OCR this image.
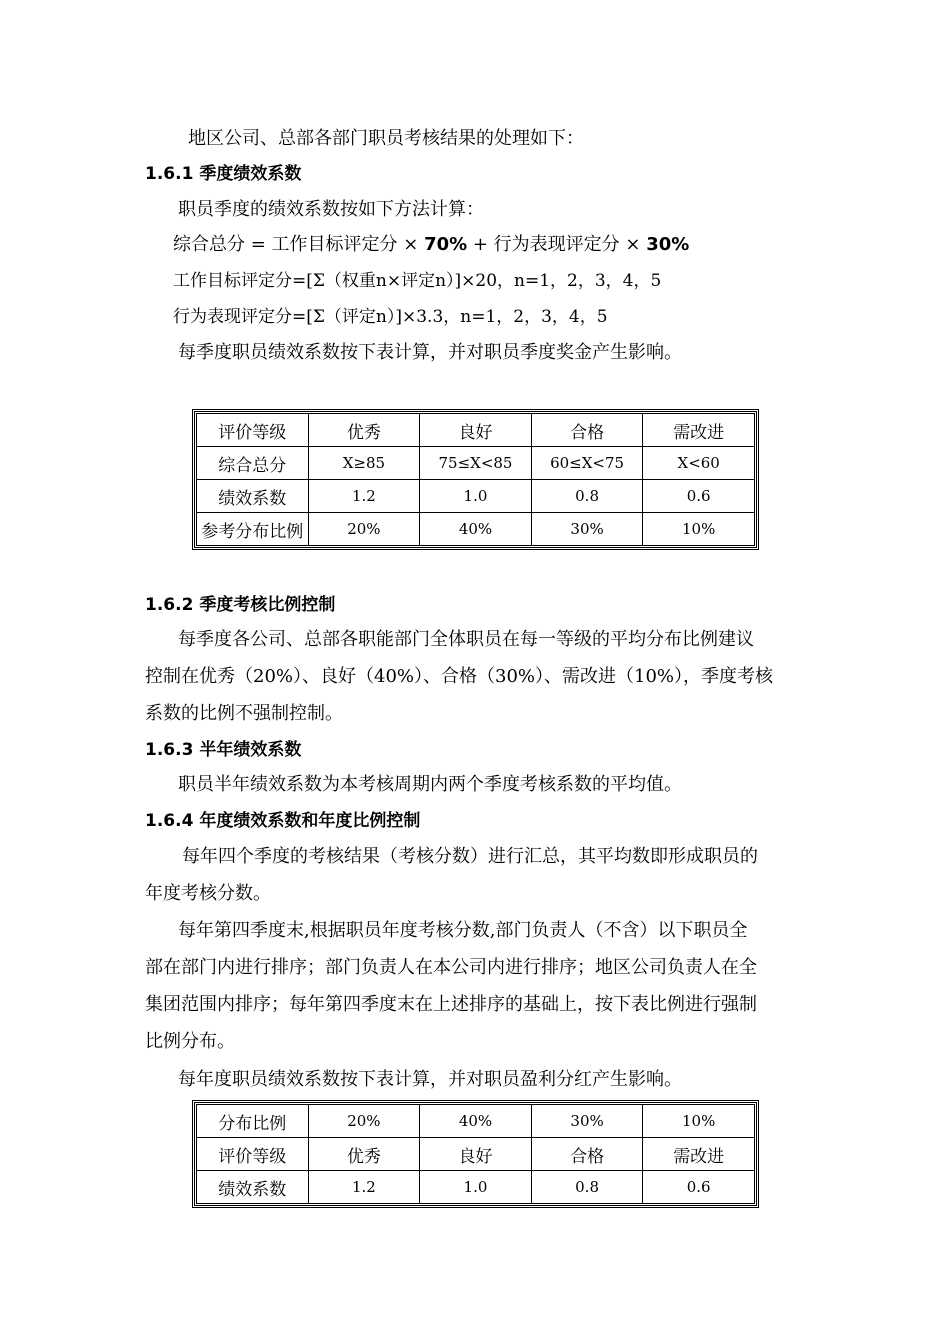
地区公司、总部各部门职员考核结果的处理如下：
1.6.1 季度绩效系数
职员季度的绩效系数按如下方法计算：
综合总分 = 工作目标评定分 × 70% + 行为表现评定分 × 30%
工作目标评定分=[Σ（权重n×评定n）]×20，n=1，2，3，4，5
行为表现评定分=[Σ（评定n）]×3.3，n=1，2，3，4，5
每季度职员绩效系数按下表计算，并对职员季度奖金产生影响。
评价等级	优秀	良好	合格	需改进
综合总分	X≥85	75≤X<85	60≤X<75	X<60
绩效系数	1.2	1.0	0.8	0.6
参考分布比例	20%	40%	30%	10%
1.6.2 季度考核比例控制
每季度各公司、总部各职能部门全体职员在每一等级的平均分布比例建议
控制在优秀（20%）、良好（40%）、合格（30%）、需改进（10%），季度考核
系数的比例不强制控制。
1.6.3 半年绩效系数
职员半年绩效系数为本考核周期内两个季度考核系数的平均值。
1.6.4 年度绩效系数和年度比例控制
每年四个季度的考核结果（考核分数）进行汇总，其平均数即形成职员的
年度考核分数。
每年第四季度末,根据职员年度考核分数,部门负责人（不含）以下职员全
部在部门内进行排序；部门负责人在本公司内进行排序；地区公司负责人在全
集团范围内排序；每年第四季度末在上述排序的基础上，按下表比例进行强制
比例分布。
每年度职员绩效系数按下表计算，并对职员盈利分红产生影响。
分布比例	20%	40%	30%	10%
评价等级	优秀	良好	合格	需改进
绩效系数	1.2	1.0	0.8	0.6
